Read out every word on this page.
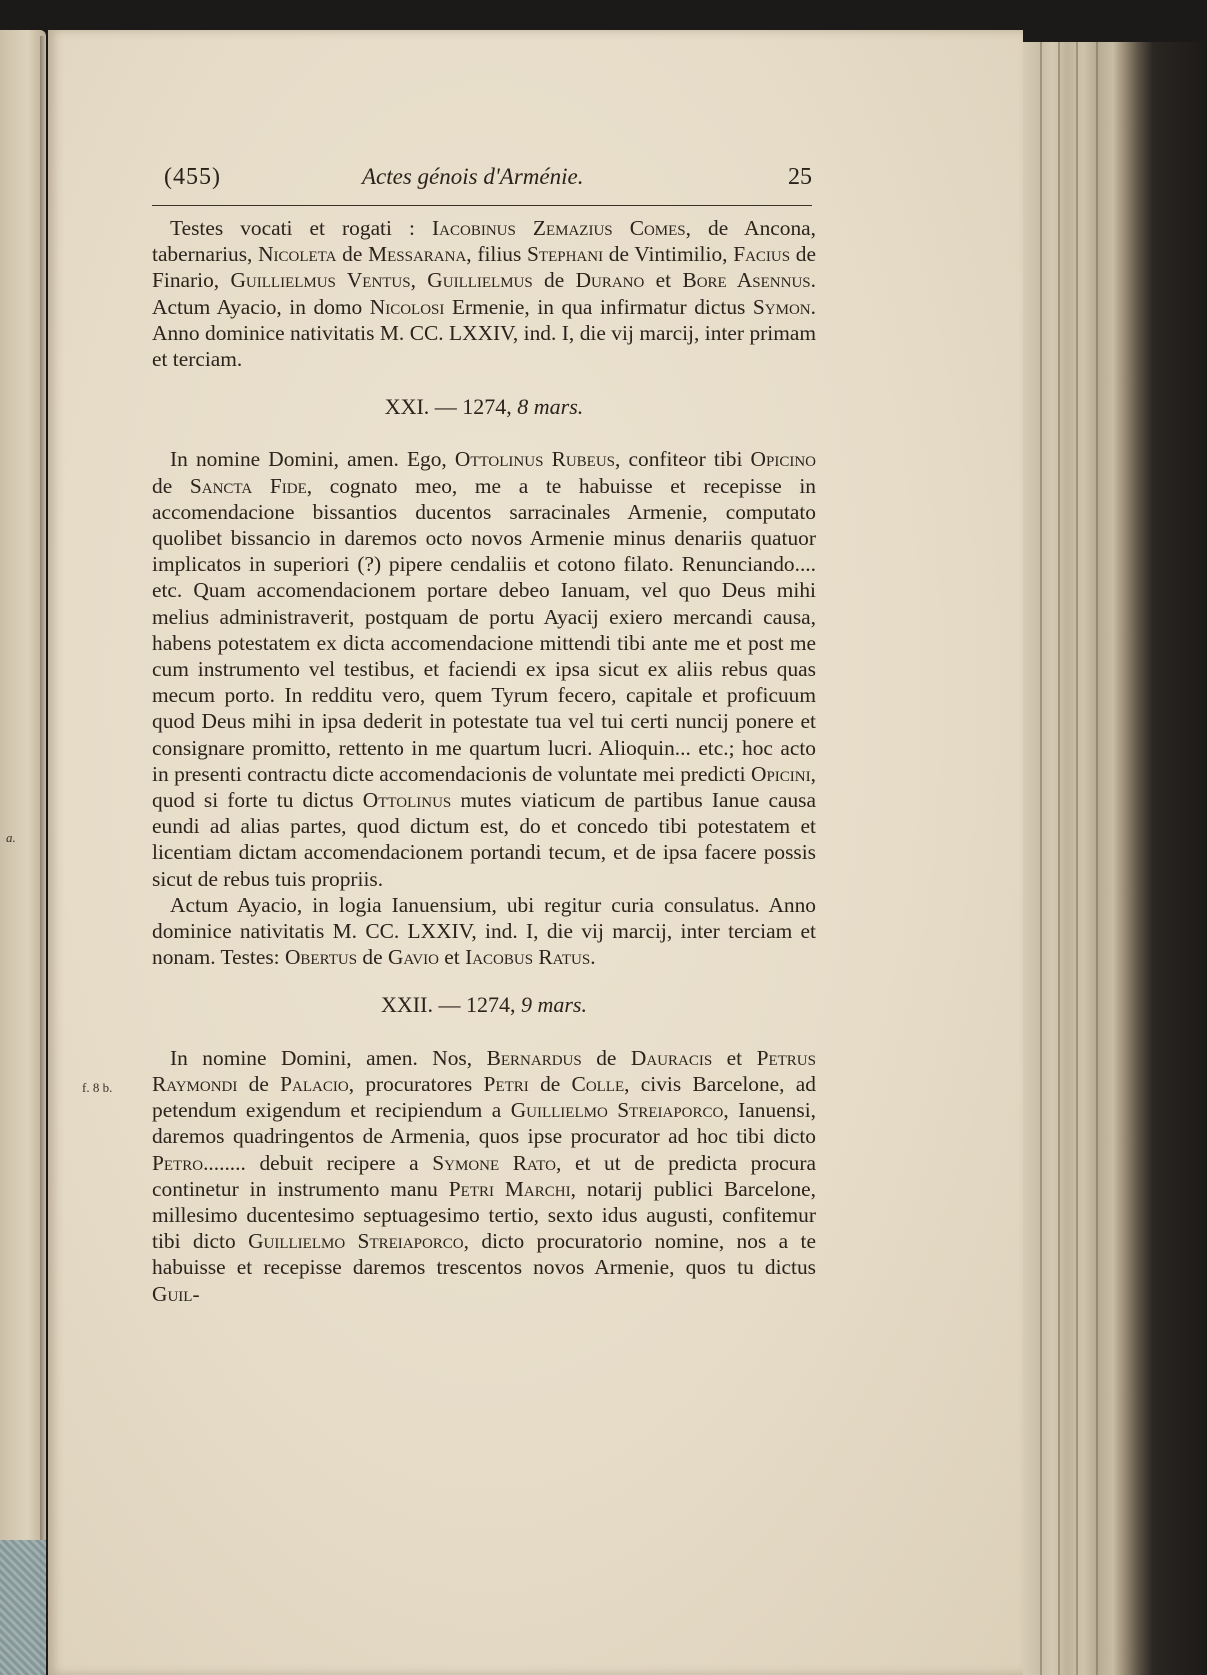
a.
f. 8 b.
(455)	Actes génois d'Arménie.	25

Testes vocati et rogati : Iacobinus Zemazius Comes, de Ancona, tabernarius, Nicoleta de Messarana, filius Stephani de Vintimilio, Facius de Finario, Guillielmus Ventus, Guillielmus de Durano et Bore Asennus. Actum Ayacio, in domo Nicolosi Ermenie, in qua infirmatur dictus Symon. Anno dominice nativitatis M. CC. LXXIV, ind. I, die vij marcij, inter primam et terciam.

XXI. — 1274, 8 mars.

In nomine Domini, amen. Ego, Ottolinus Rubeus, confiteor tibi Opicino de Sancta Fide, cognato meo, me a te habuisse et recepisse in accomendacione bissantios ducentos sarracinales Armenie, computato quolibet bissancio in daremos octo novos Armenie minus denariis quatuor implicatos in superiori (?) pipere cendaliis et cotono filato. Renunciando.... etc. Quam accomendacionem portare debeo Ianuam, vel quo Deus mihi melius administraverit, postquam de portu Ayacij exiero mercandi causa, habens potestatem ex dicta accomendacione mittendi tibi ante me et post me cum instrumento vel testibus, et faciendi ex ipsa sicut ex aliis rebus quas mecum porto. In redditu vero, quem Tyrum fecero, capitale et proficuum quod Deus mihi in ipsa dederit in potestate tua vel tui certi nuncij ponere et consignare promitto, rettento in me quartum lucri. Alioquin... etc.; hoc acto in presenti contractu dicte accomendacionis de voluntate mei predicti Opicini, quod si forte tu dictus Ottolinus mutes viaticum de partibus Ianue causa eundi ad alias partes, quod dictum est, do et concedo tibi potestatem et licentiam dictam accomendacionem portandi tecum, et de ipsa facere possis sicut de rebus tuis propriis.

Actum Ayacio, in logia Ianuensium, ubi regitur curia consulatus. Anno dominice nativitatis M. CC. LXXIV, ind. I, die vij marcij, inter terciam et nonam. Testes: Obertus de Gavio et Iacobus Ratus.

XXII. — 1274, 9 mars.

In nomine Domini, amen. Nos, Bernardus de Dauracis et Petrus Raymondi de Palacio, procuratores Petri de Colle, civis Barcelone, ad petendum exigendum et recipiendum a Guillielmo Streiaporco, Ianuensi, daremos quadringentos de Armenia, quos ipse procurator ad hoc tibi dicto Petro........ debuit recipere a Symone Rato, et ut de predicta procura continetur in instrumento manu Petri Marchi, notarij publici Barcelone, millesimo ducentesimo septuagesimo tertio, sexto idus augusti, confitemur tibi dicto Guillielmo Streiaporco, dicto procuratorio nomine, nos a te habuisse et recepisse daremos trescentos novos Armenie, quos tu dictus Guil-
